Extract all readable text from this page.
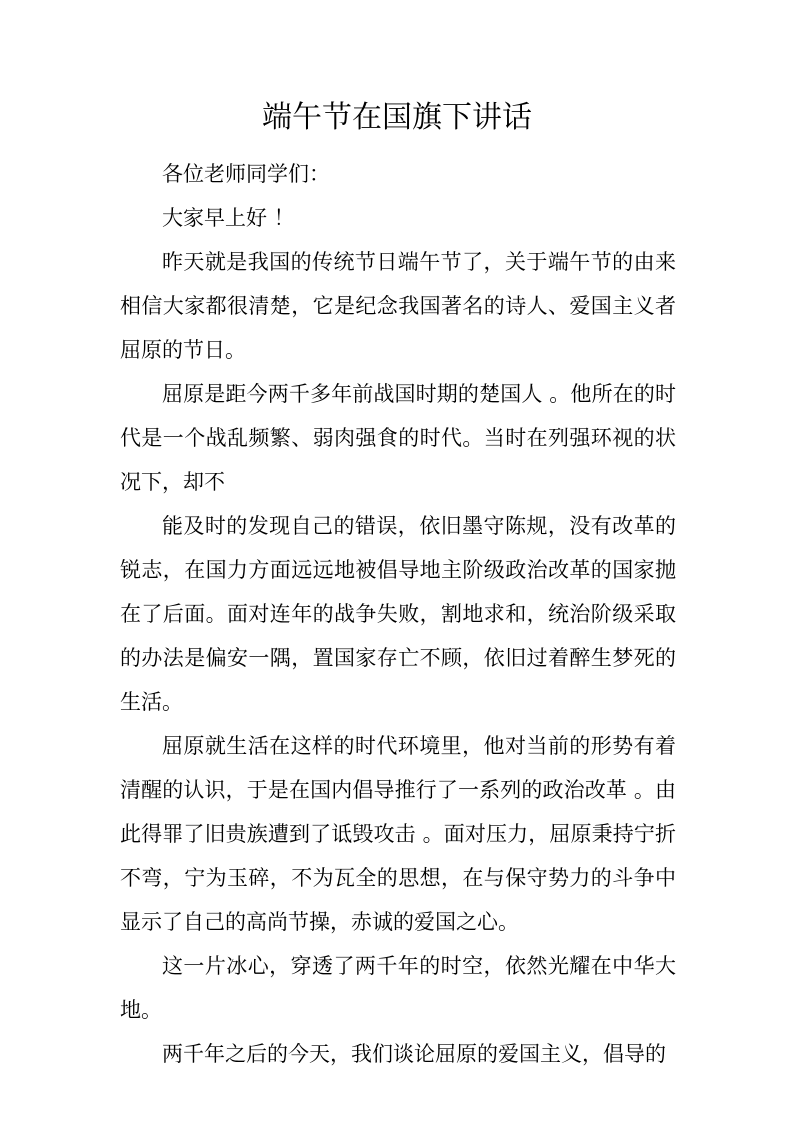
端午节在国旗下讲话
各位老师同学们：
大家早上好 ！
昨天就是我国的传统节日端午节了，关于端午节的由来
相信大家都很清楚，它是纪念我国著名的诗人、爱国主义者
屈原的节日。
屈原是距今两千多年前战国时期的楚国人 。他所在的时
代是一个战乱频繁、弱肉强食的时代。当时在列强环视的状
况下，却不
能及时的发现自己的错误，依旧墨守陈规，没有改革的
锐志，在国力方面远远地被倡导地主阶级政治改革的国家抛
在了后面。面对连年的战争失败，割地求和，统治阶级采取
的办法是偏安一隅，置国家存亡不顾，依旧过着醉生梦死的
生活。
屈原就生活在这样的时代环境里，他对当前的形势有着
清醒的认识，于是在国内倡导推行了一系列的政治改革 。由
此得罪了旧贵族遭到了诋毁攻击 。面对压力，屈原秉持宁折
不弯，宁为玉碎，不为瓦全的思想，在与保守势力的斗争中
显示了自己的高尚节操，赤诚的爱国之心。
这一片冰心，穿透了两千年的时空，依然光耀在中华大
地。
两千年之后的今天，我们谈论屈原的爱国主义，倡导的
